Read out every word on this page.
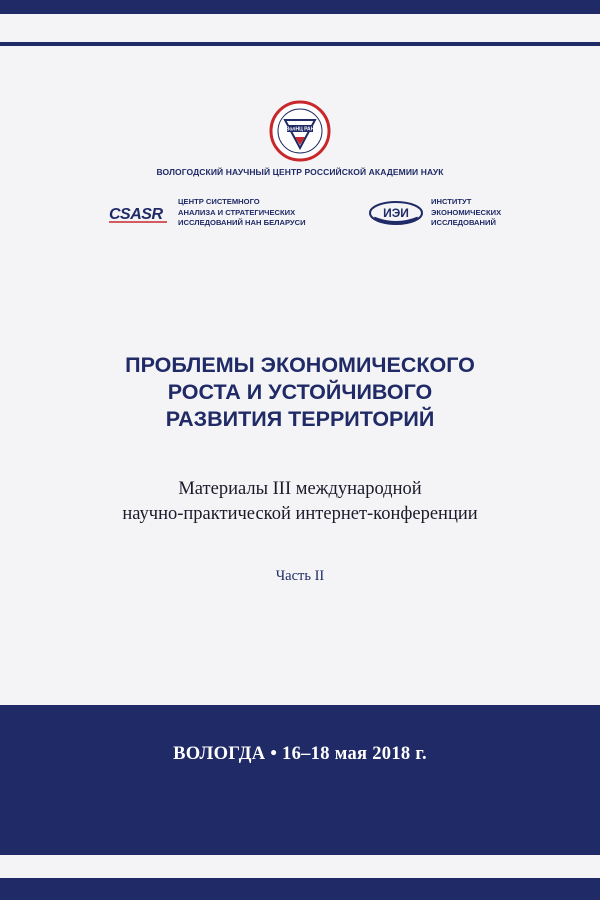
ВолНЦ РАН
ВОЛОГОДСКИЙ НАУЧНЫЙ ЦЕНТР РОССИЙСКОЙ АКАДЕМИИ НАУК
CSASR
ЦЕНТР СИСТЕМНОГО
АНАЛИЗА И СТРАТЕГИЧЕСКИХ
ИССЛЕДОВАНИЙ НАН БЕЛАРУСИ
ИЭИ
ИНСТИТУТ
ЭКОНОМИЧЕСКИХ
ИССЛЕДОВАНИЙ
ПРОБЛЕМЫ ЭКОНОМИЧЕСКОГО
РОСТА И УСТОЙЧИВОГО
РАЗВИТИЯ ТЕРРИТОРИЙ
Материалы III международной
научно-практической интернет-конференции
Часть II
ВОЛОГДА • 16–18 мая 2018 г.
